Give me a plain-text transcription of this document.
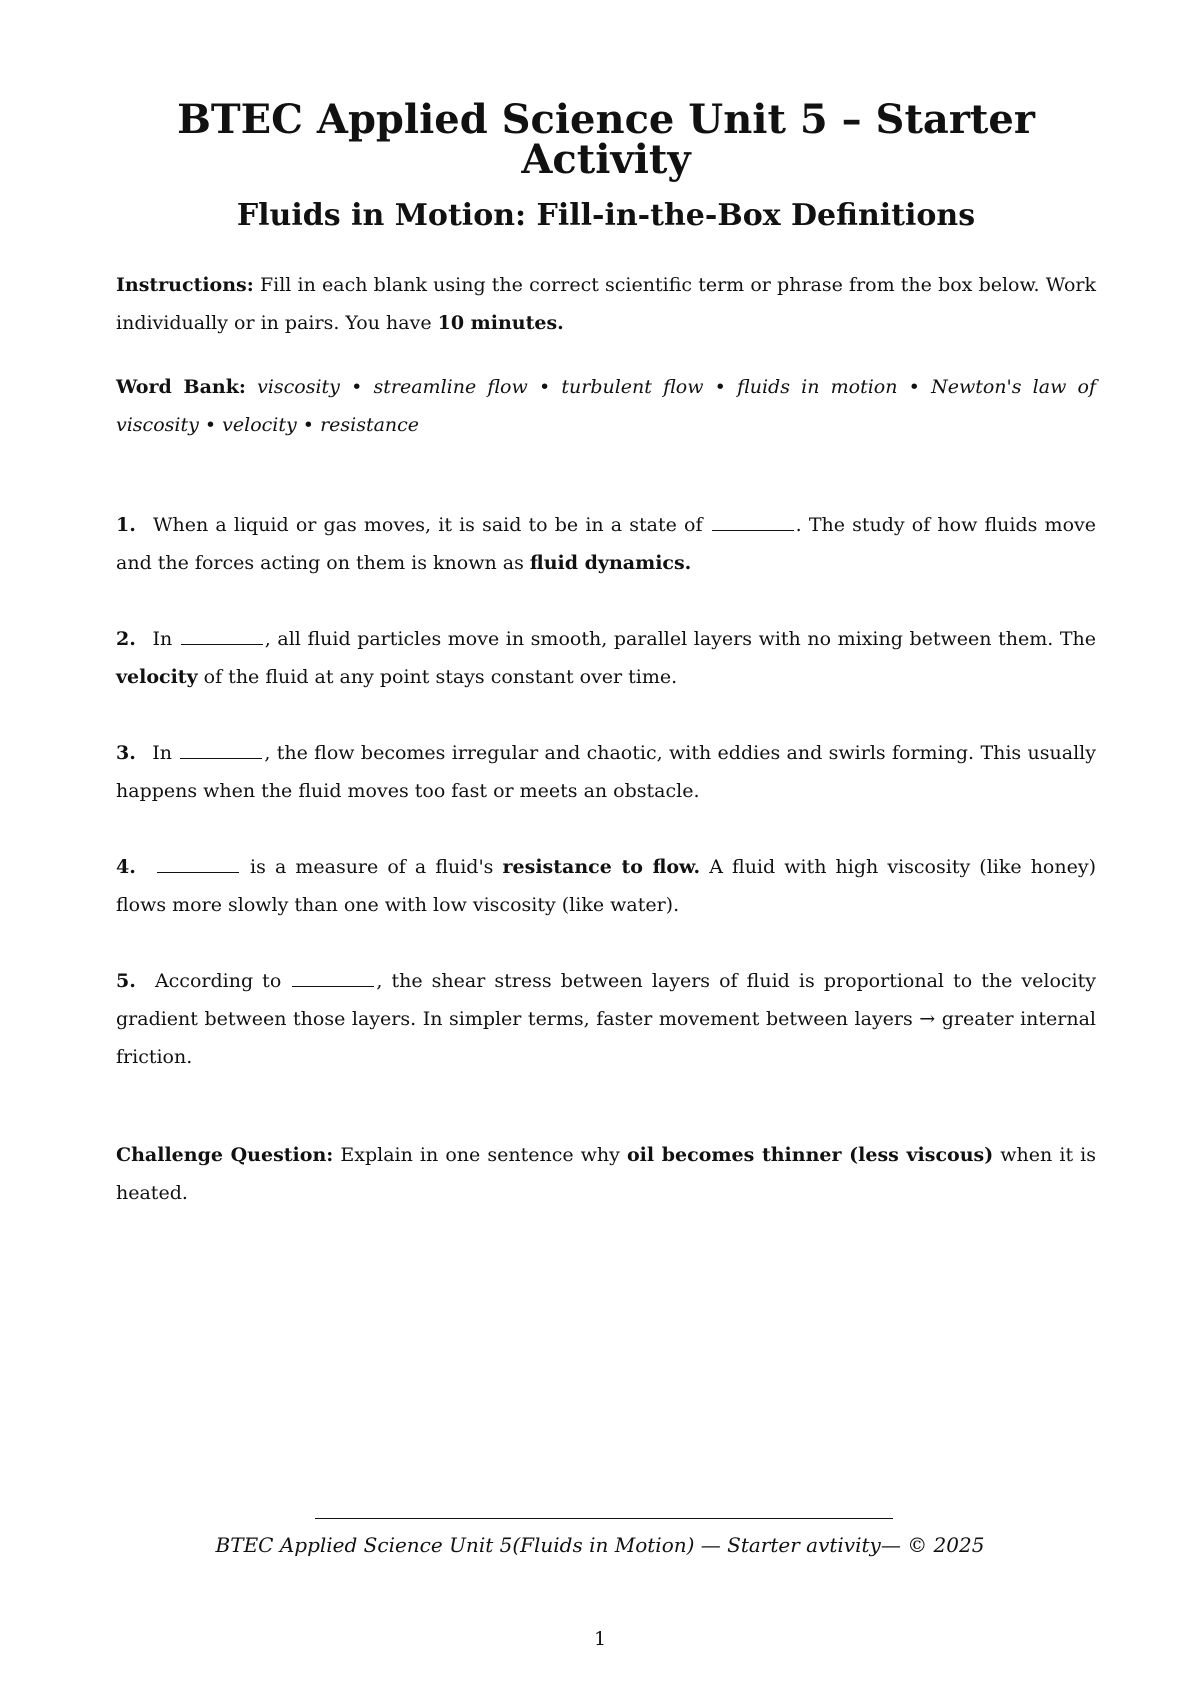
BTEC Applied Science Unit 5 – Starter Activity
Fluids in Motion: Fill-in-the-Box Definitions

Instructions: Fill in each blank using the correct scientific term or phrase from the box below. Work individually or in pairs. You have 10 minutes.

Word Bank: viscosity • streamline flow • turbulent flow • fluids in motion • Newton's law of viscosity • velocity • resistance

1. When a liquid or gas moves, it is said to be in a state of	. The study of how fluids move and the forces acting on them is known as fluid dynamics.

2. In	, all fluid particles move in smooth, parallel layers with no mixing between them. The velocity of the fluid at any point stays constant over time.

3. In	, the flow becomes irregular and chaotic, with eddies and swirls forming. This usually happens when the fluid moves too fast or meets an obstacle.

4.	is a measure of a fluid's resistance to flow. A fluid with high viscosity (like honey) flows more slowly than one with low viscosity (like water).

5. According to	, the shear stress between layers of fluid is proportional to the velocity gradient between those layers. In simpler terms, faster movement between layers → greater internal friction.

Challenge Question: Explain in one sentence why oil becomes thinner (less viscous) when it is heated.

BTEC Applied Science Unit 5(Fluids in Motion) — Starter avtivity— © 2025
1
